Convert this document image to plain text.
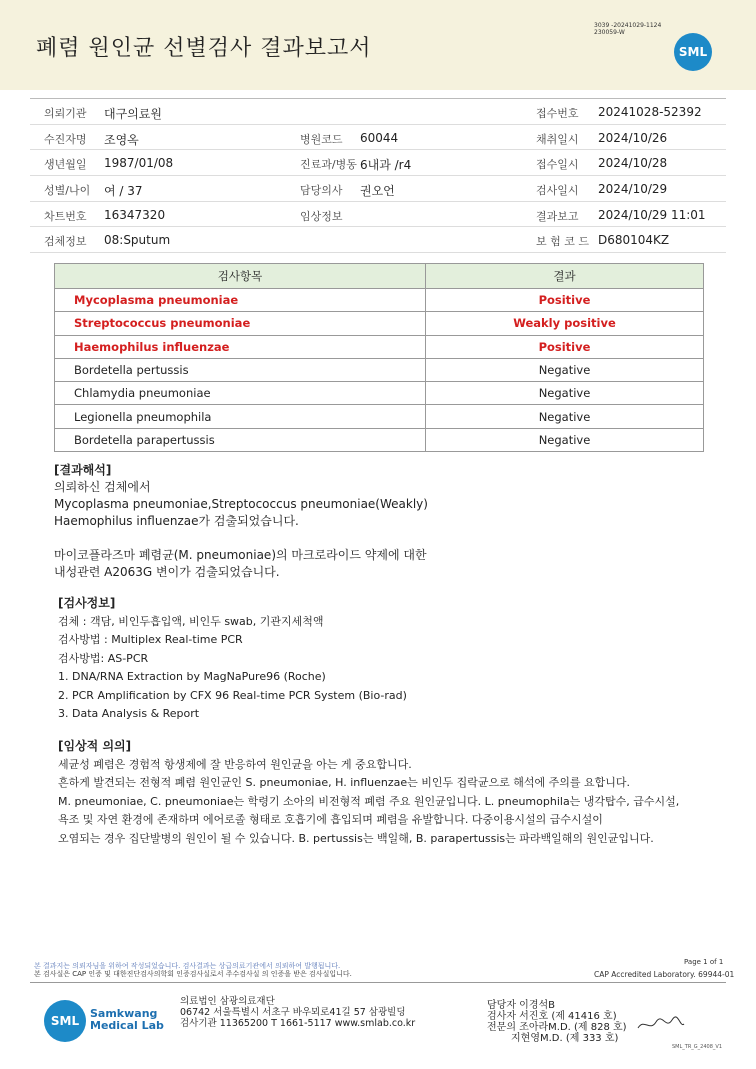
폐렴 원인균 선별검사 결과보고서
3039 -20241029-1124
230059-W
SML
의뢰기관 대구의료원	접수번호 20241028-52392
수진자명 조영옥	병원코드 60044	채취일시 2024/10/26
생년월일 1987/01/08	진료과/병동 6내과 /r4	접수일시 2024/10/28
성별/나이 여 / 37	담당의사 권오언	검사일시 2024/10/29
차트번호 16347320	임상정보	결과보고 2024/10/29 11:01
검체정보 08:Sputum	보 험 코 드 D680104KZ
검사항목	결과
Mycoplasma pneumoniae	Positive
Streptococcus pneumoniae	Weakly positive
Haemophilus influenzae	Positive
Bordetella pertussis	Negative
Chlamydia pneumoniae	Negative
Legionella pneumophila	Negative
Bordetella parapertussis	Negative
[결과해석]
의뢰하신 검체에서
Mycoplasma pneumoniae,Streptococcus pneumoniae(Weakly)
Haemophilus influenzae가 검출되었습니다.
마이코플라즈마 폐렴균(M. pneumoniae)의 마크로라이드 약제에 대한
내성관련 A2063G 변이가 검출되었습니다.
[검사정보]
검체 : 객담, 비인두흡입액, 비인두 swab, 기관지세척액
검사방법 : Multiplex Real-time PCR
검사방법: AS-PCR
1. DNA/RNA Extraction by MagNaPure96 (Roche)
2. PCR Amplification by CFX 96 Real-time PCR System (Bio-rad)
3. Data Analysis & Report
[임상적 의의]
세균성 폐렴은 경험적 항생제에 잘 반응하여 원인균을 아는 게 중요합니다.
흔하게 발견되는 전형적 폐렴 원인균인 S. pneumoniae, H. influenzae는 비인두 집락균으로 해석에 주의를 요합니다.
M. pneumoniae, C. pneumoniae는 학령기 소아의 비전형적 폐렴 주요 원인균입니다. L. pneumophila는 냉각탑수, 급수시설,
욕조 및 자연 환경에 존재하며 에어로졸 형태로 호흡기에 흡입되며 폐렴을 유발합니다. 다중이용시설의 급수시설이
오염되는 경우 집단발병의 원인이 될 수 있습니다. B. pertussis는 백일해, B. parapertussis는 파라백일해의 원인균입니다.
본 결과지는 의뢰자님을 위하여 작성되었습니다. 검사결과는 상급의료기관에서 의뢰하여 발행됩니다.
본 검사실은 CAP 인증 및 대한진단검사의학회 인증검사실로서 주수검사실 의 인증을 받은 검사실입니다.
Page 1 of 1
CAP Accredited Laboratory. 69944-01
SML
Samkwang
Medical Lab
의료법인 삼광의료재단
06742 서울특별시 서초구 바우뫼로41길 57 삼광빌딩
검사기관 11365200 T 1661-5117 www.smlab.co.kr
담당자 이경석B
검사자 서진호 (제 41416 호)
전문의 조아라M.D. (제 828 호)
지현영M.D. (제 333 호)
SML_TR_G_2408_V1
